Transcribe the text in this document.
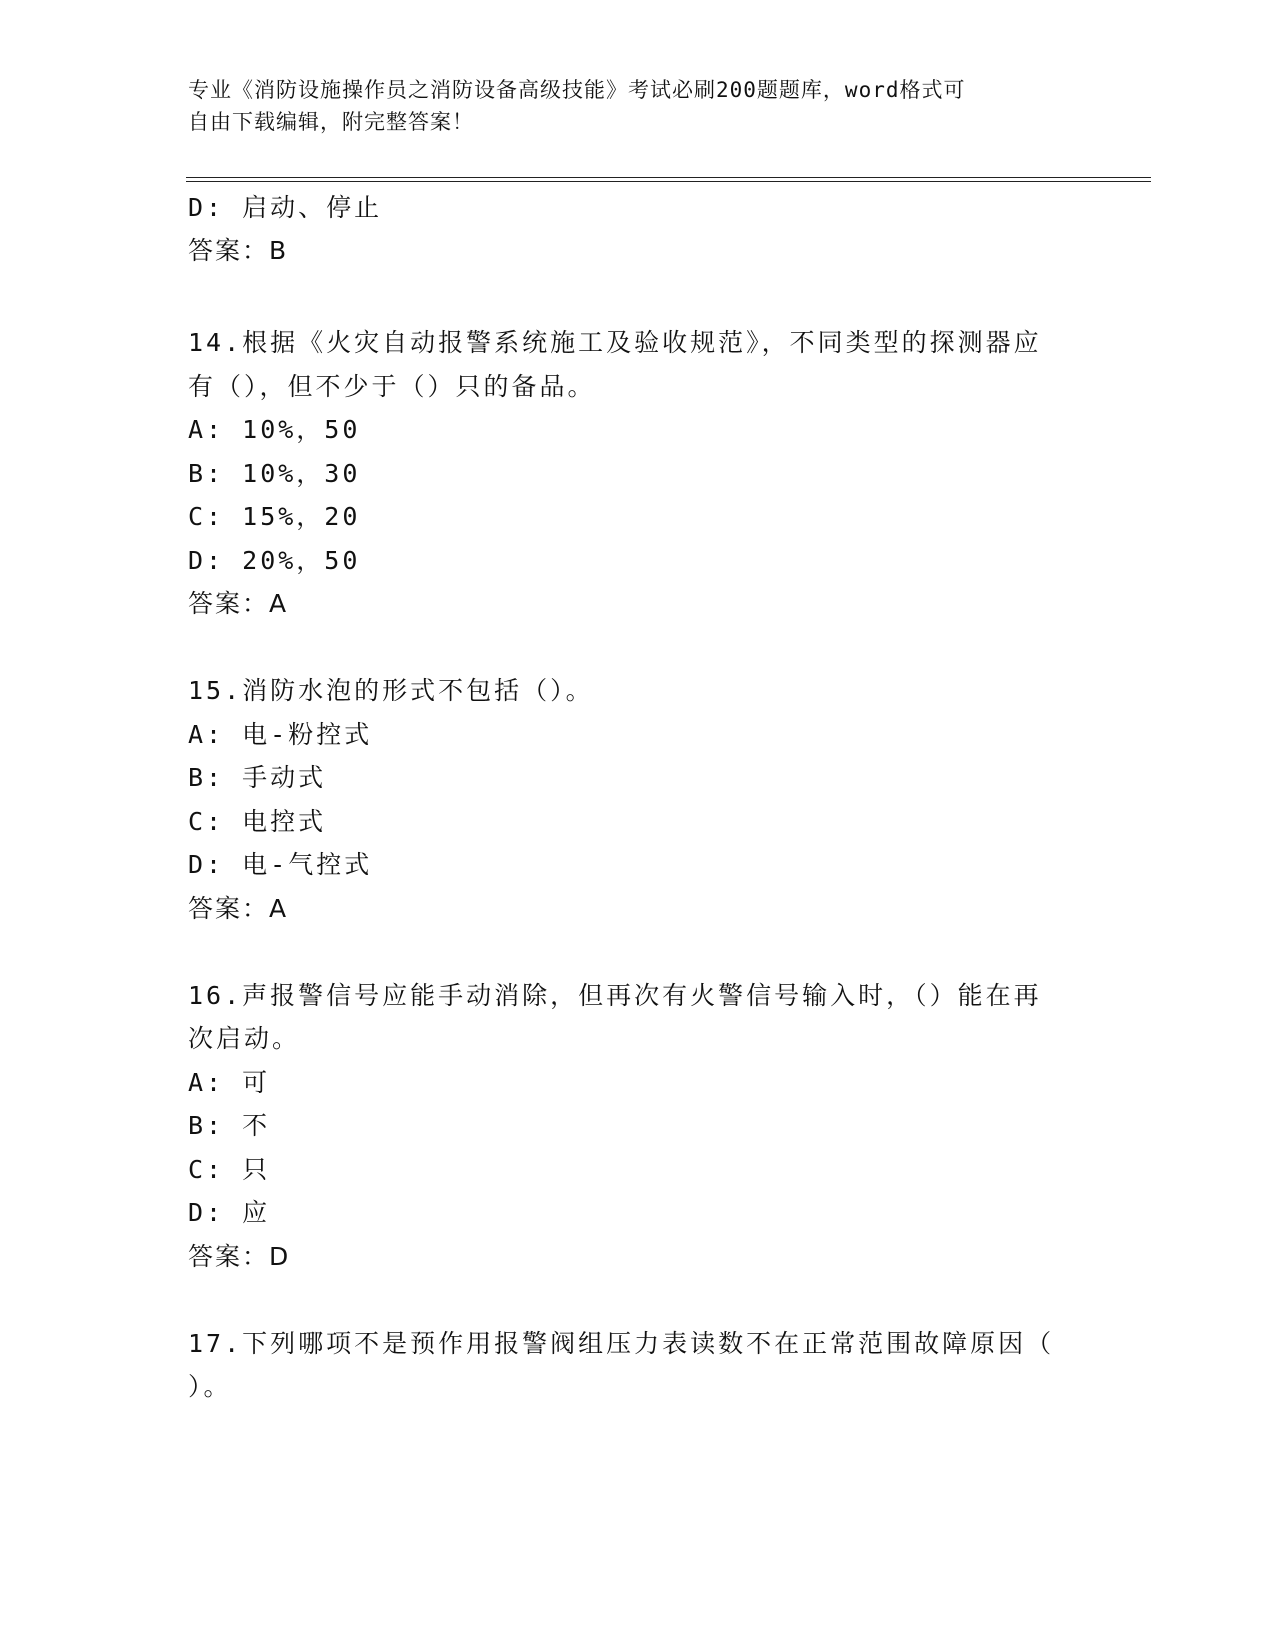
专业《消防设施操作员之消防设备高级技能》考试必刷200题题库，word格式可
自由下载编辑，附完整答案！
D: 启动、停止
答案：B
14.根据《火灾自动报警系统施工及验收规范》，不同类型的探测器应
有（），但不少于（）只的备品。
A: 10%，50
B: 10%，30
C: 15%，20
D: 20%，50
答案：A
15.消防水泡的形式不包括（）。
A: 电-粉控式
B: 手动式
C: 电控式
D: 电-气控式
答案：A
16.声报警信号应能手动消除，但再次有火警信号输入时，（）能在再
次启动。
A: 可
B: 不
C: 只
D: 应
答案：D
17.下列哪项不是预作用报警阀组压力表读数不在正常范围故障原因（
）。
